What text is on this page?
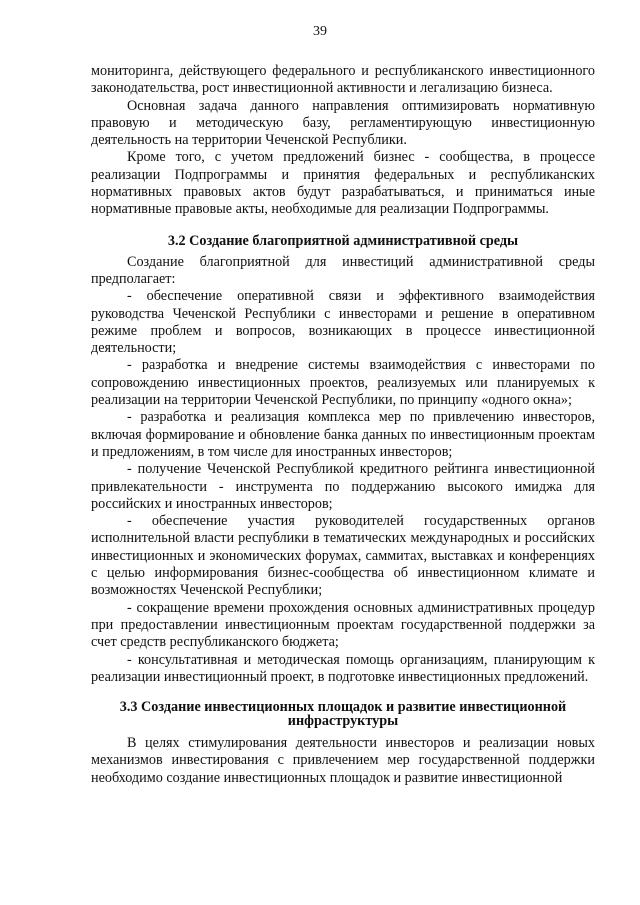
39

мониторинга, действующего федерального и республиканского инвестиционного законодательства, рост инвестиционной активности и легализацию бизнеса.

Основная задача данного направления оптимизировать нормативную правовую и методическую базу, регламентирующую инвестиционную деятельность на территории Чеченской Республики.

Кроме того, с учетом предложений бизнес - сообщества, в процессе реализации Подпрограммы и принятия федеральных и республиканских нормативных правовых актов будут разрабатываться, и приниматься иные нормативные правовые акты, необходимые для реализации Подпрограммы.

3.2 Создание благоприятной административной среды

Создание благоприятной для инвестиций административной среды предполагает:

- обеспечение оперативной связи и эффективного взаимодействия руководства Чеченской Республики с инвесторами и решение в оперативном режиме проблем и вопросов, возникающих в процессе инвестиционной деятельности;

- разработка и внедрение системы взаимодействия с инвесторами по сопровождению инвестиционных проектов, реализуемых или планируемых к реализации на территории Чеченской Республики, по принципу «одного окна»;

- разработка и реализация комплекса мер по привлечению инвесторов, включая формирование и обновление банка данных по инвестиционным проектам и предложениям, в том числе для иностранных инвесторов;

- получение Чеченской Республикой кредитного рейтинга инвестиционной привлекательности - инструмента по поддержанию высокого имиджа для российских и иностранных инвесторов;

- обеспечение участия руководителей государственных органов исполнительной власти республики в тематических международных и российских инвестиционных и экономических форумах, саммитах, выставках и конференциях с целью информирования бизнес-сообщества об инвестиционном климате и возможностях Чеченской Республики;

- сокращение времени прохождения основных административных процедур при предоставлении инвестиционным проектам государственной поддержки за счет средств республиканского бюджета;

- консультативная и методическая помощь организациям, планирующим к реализации инвестиционный проект, в подготовке инвестиционных предложений.

3.3 Создание инвестиционных площадок и развитие инвестиционной инфраструктуры

В целях стимулирования деятельности инвесторов и реализации новых механизмов инвестирования с привлечением мер государственной поддержки необходимо создание инвестиционных площадок и развитие инвестиционной
